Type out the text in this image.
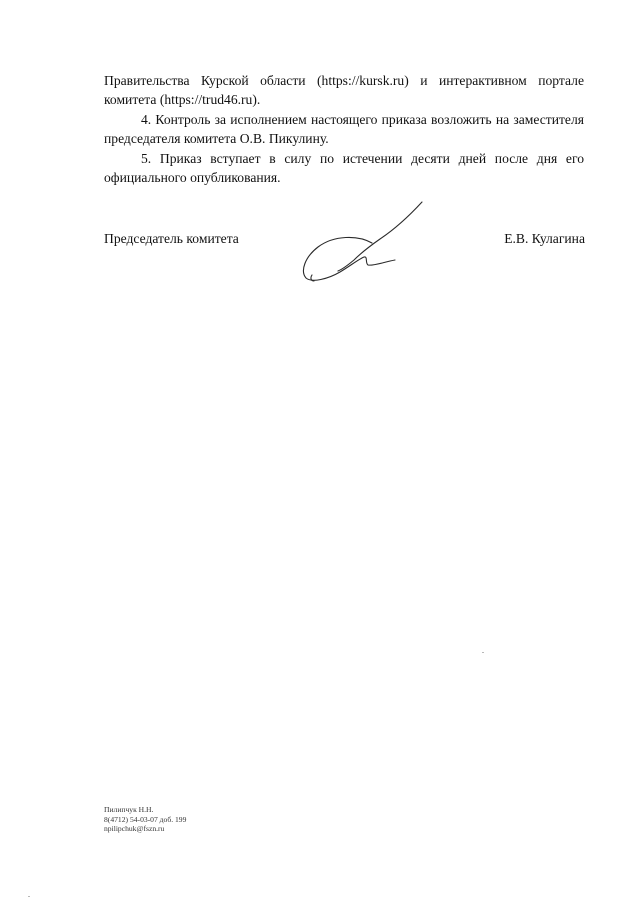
Правительства Курской области (https://kursk.ru) и интерактивном портале комитета (https://trud46.ru).

4. Контроль за исполнением настоящего приказа возложить на заместителя председателя комитета О.В. Пикулину.

5. Приказ вступает в силу по истечении десяти дней после дня его официального опубликования.

Председатель комитета	Е.В. Кулагина
Пилипчук Н.Н.
8(4712) 54-03-07 доб. 199
npilipchuk@fszn.ru
